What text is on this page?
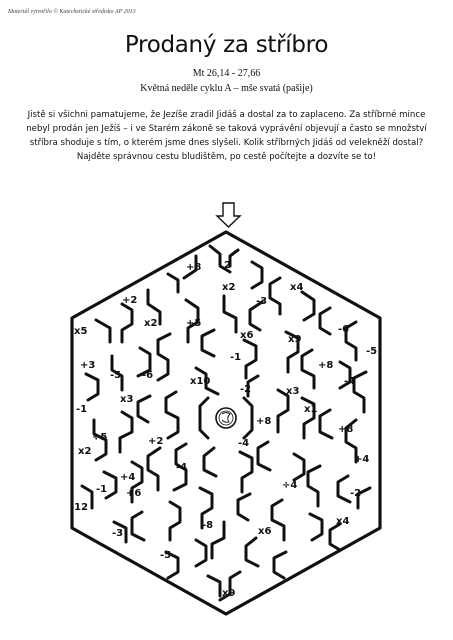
Materiál vytvořilo © Katechetické středisko AP 2013
Prodaný za stříbro
Mt 26,14 - 27,66
Květná neděle cyklu A – mše svatá (pašije)
Jistě si všichni pamatujeme, že Jezíše zradil Jidáš a dostal za to zaplaceno. Za stříbrné mince nebyl prodán jen Ježíš – i ve Starém zákoně se taková vyprávění objevují a často se množství stříbra shoduje s tím, o kterém jsme dnes slyšeli. Kolik stříbrných Jidáš od velekněží dostal? Najděte správnou cestu bludištěm, po cestě počítejte a dozvíte se to!
+8 2
x2
+2	-3
x4
x2	+5
x6	x9
-6
x5
+3
-5
-1
-5
-6
x10
-2
+8
x3
-4
x3
x1
-1
+8
÷5
+8
x2
+4
-4
+2
-4
-1
+4
÷4
-12
+6
-8
-2
x4
x6
-3
-5
x9
